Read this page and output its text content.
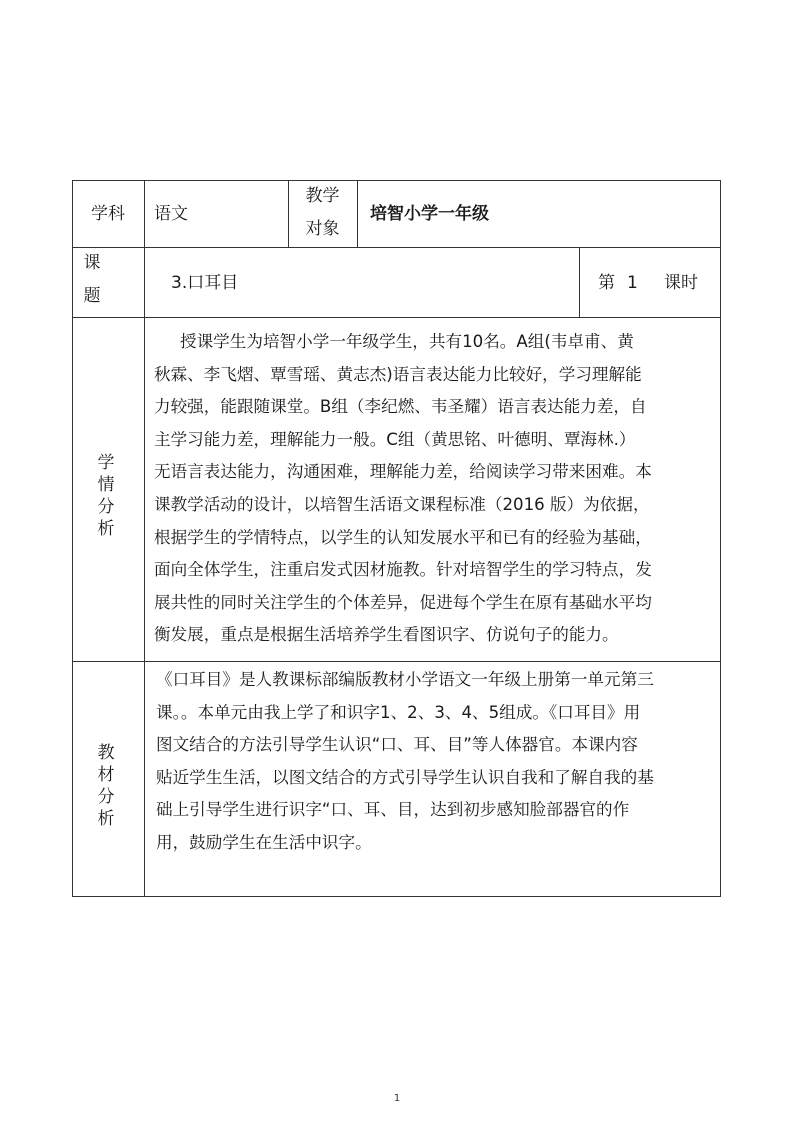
学科	语文
教学
对象
培智小学一年级
课
题
3.口耳目	第 1 课时
学
情
分
析

授课学生为培智小学一年级学生，共有10名。A组(韦卓甫、黄

秋霖、李飞熠、覃雪瑶、黄志杰)语言表达能力比较好，学习理解能

力较强，能跟随课堂。B组（李纪燃、韦圣耀）语言表达能力差，自

主学习能力差，理解能力一般。C组（黄思铭、叶德明、覃海林.）

无语言表达能力，沟通困难，理解能力差，给阅读学习带来困难。本

课教学活动的设计，以培智生活语文课程标准（2016 版）为依据，

根据学生的学情特点，以学生的认知发展水平和已有的经验为基础，

面向全体学生，注重启发式因材施教。针对培智学生的学习特点，发

展共性的同时关注学生的个体差异，促进每个学生在原有基础水平均

衡发展，重点是根据生活培养学生看图识字、仿说句子的能力。

教
材
分
析

《口耳目》是人教课标部编版教材小学语文一年级上册第一单元第三

课。。本单元由我上学了和识字1、2、3、4、5组成。《口耳目》用

图文结合的方法引导学生认识“口、耳、目”等人体器官。本课内容

贴近学生生活，以图文结合的方式引导学生认识自我和了解自我的基

础上引导学生进行识字“口、耳、目，达到初步感知脸部器官的作

用，鼓励学生在生活中识字。

1
